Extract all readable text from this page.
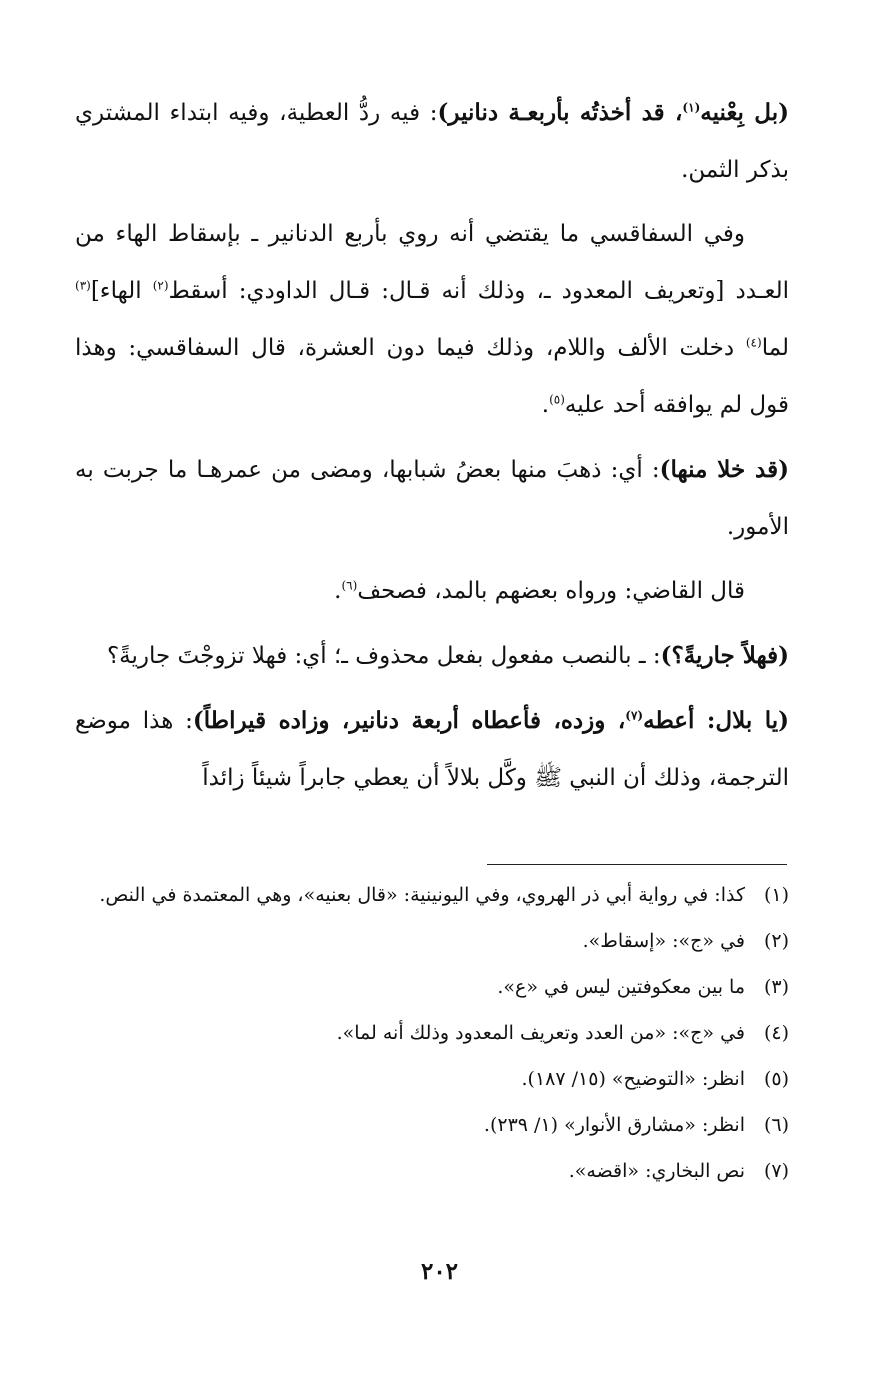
(بل بِعْنيه$^{(١)}$، قد أخذتُه بأربعـة دنانير): فيه ردُّ العطية، وفيه ابتداء المشتري بذكر الثمن.

وفي السفاقسي ما يقتضي أنه روي بأربع الدنانير ـ بإسقاط الهاء من العـدد [وتعريف المعدود ـ، وذلك أنه قـال: قـال الداودي: أسقط$^{(٢)}$ الهاء]$^{(٣)}$ لما$^{(٤)}$ دخلت الألف واللام، وذلك فيما دون العشرة، قال السفاقسي: وهذا قول لم يوافقه أحد عليه$^{(٥)}$.

(قد خلا منها): أي: ذهبَ منها بعضُ شبابها، ومضى من عمرهـا ما جربت به الأمور.

قال القاضي: ورواه بعضهم بالمد، فصحف$^{(٦)}$.

(فهلاً جاريةً؟): ـ بالنصب مفعول بفعل محذوف ـ؛ أي: فهلا تزوجْتَ جاريةً؟

(يا بلال: أعطه$^{(٧)}$، وزده، فأعطاه أربعة دنانير، وزاده قيراطاً): هذا موضع الترجمة، وذلك أن النبي ﷺ وكَّل بلالاً أن يعطي جابراً شيئاً زائداً

(١)
كذا: في رواية أبي ذر الهروي، وفي اليونينية: «قال بعنيه»، وهي المعتمدة في النص.
(٢)
في «ج»: «إسقاط».
(٣)
ما بين معكوفتين ليس في «ع».
(٤)
في «ج»: «من العدد وتعريف المعدود وذلك أنه لما».
(٥)
انظر: «التوضيح» (١٥/ ١٨٧).
(٦)
انظر: «مشارق الأنوار» (١/ ٢٣٩).
(٧)
نص البخاري: «اقضه».
٢٠٢
